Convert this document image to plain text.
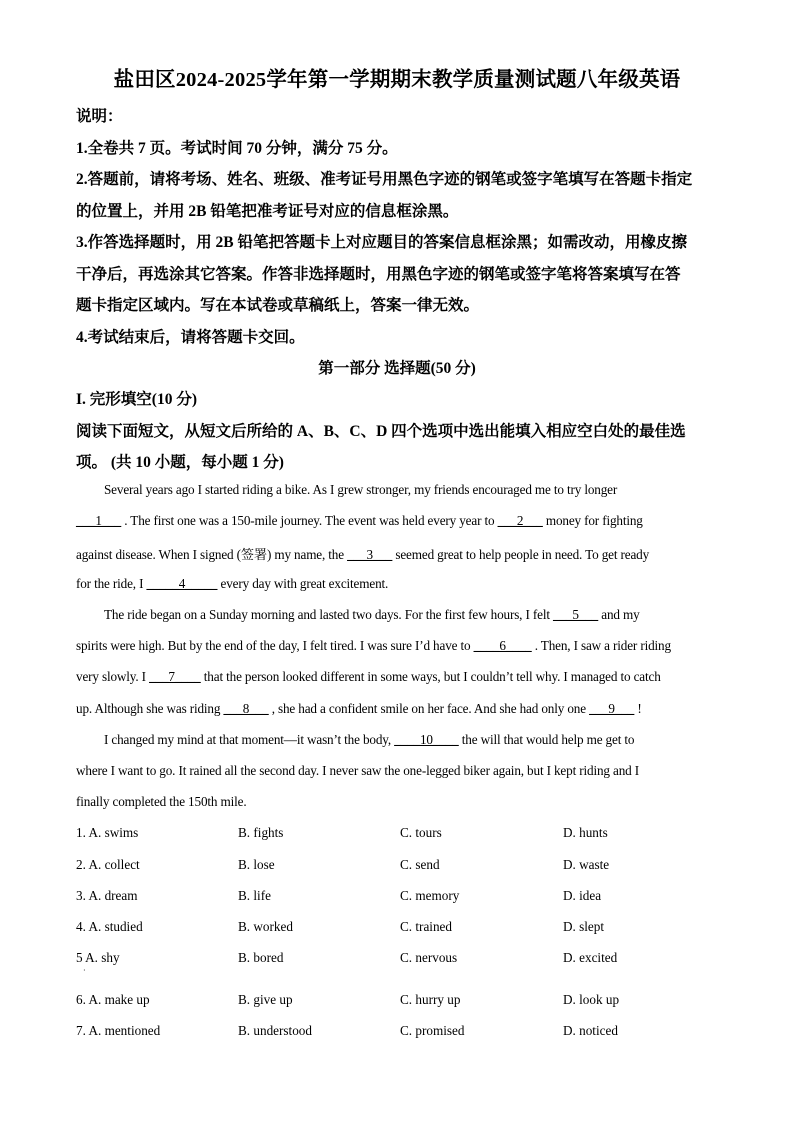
盐田区2024-2025学年第一学期期末教学质量测试题八年级英语
说明：
1.全卷共 7 页。考试时间 70 分钟，满分 75 分。
2.答题前，请将考场、姓名、班级、准考证号用黑色字迹的钢笔或签字笔填写在答题卡指定
的位置上，并用 2B 铅笔把准考证号对应的信息框涂黑。
3.作答选择题时，用 2B 铅笔把答题卡上对应题目的答案信息框涂黑；如需改动，用橡皮擦
干净后，再选涂其它答案。作答非选择题时，用黑色字迹的钢笔或签字笔将答案填写在答
题卡指定区域内。写在本试卷或草稿纸上，答案一律无效。
4.考试结束后，请将答题卡交回。
第一部分 选择题(50 分)
I. 完形填空(10 分)
阅读下面短文，从短文后所给的 A、B、C、D 四个选项中选出能填入相应空白处的最佳选
项。 (共 10 小题，每小题 1 分)
Several years ago I started riding a bike. As I grew stronger, my friends encouraged me to try longer
___1___ . The first one was a 150-mile journey. The event was held every year to ___2___ money for fighting
against disease. When I signed (签署) my name, the ___3___ seemed great to help people in need. To get ready
for the ride, I _____4_____ every day with great excitement.
The ride began on a Sunday morning and lasted two days. For the first few hours, I felt ___5___ and my
spirits were high. But by the end of the day, I felt tired. I was sure I’d have to ____6____ . Then, I saw a rider riding
very slowly. I ___7____ that the person looked different in some ways, but I couldn’t tell why. I managed to catch
up. Although she was riding ___8___ , she had a confident smile on her face. And she had only one ___9___ !
I changed my mind at that moment—it wasn’t the body, ____10____ the will that would help me get to
where I want to go. It rained all the second day. I never saw the one-legged biker again, but I kept riding and I
finally completed the 150th mile.
1. A. swims	B. fights	C. tours	D. hunts
2. A. collect	B. lose	C. send	D. waste
3. A. dream	B. life	C. memory	D. idea
4. A. studied	B. worked	C. trained	D. slept
5 A. shy	B. bored	C. nervous	D. excited
·
6. A. make up	B. give up	C. hurry up	D. look up
7. A. mentioned	B. understood	C. promised	D. noticed
